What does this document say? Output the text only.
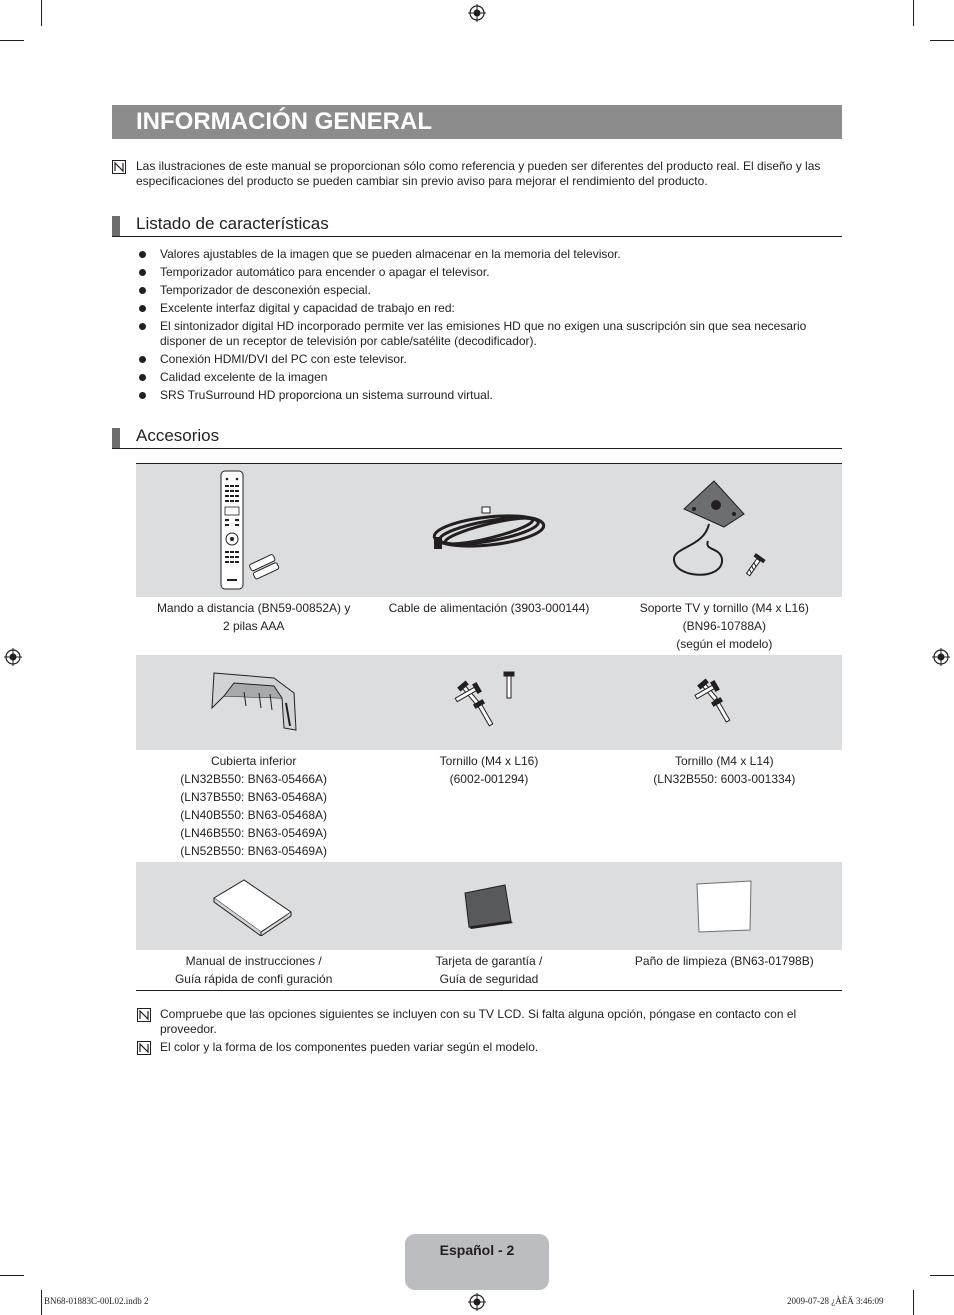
INFORMACIÓN GENERAL
Las ilustraciones de este manual se proporcionan sólo como referencia y pueden ser diferentes del producto real. El diseño y las especificaciones del producto se pueden cambiar sin previo aviso para mejorar el rendimiento del producto.
Listado de características
Valores ajustables de la imagen que se pueden almacenar en la memoria del televisor.
Temporizador automático para encender o apagar el televisor.
Temporizador de desconexión especial.
Excelente interfaz digital y capacidad de trabajo en red:
El sintonizador digital HD incorporado permite ver las emisiones HD que no exigen una suscripción sin que sea necesario disponer de un receptor de televisión por cable/satélite (decodificador).
Conexión HDMI/DVI del PC con este televisor.
Calidad excelente de la imagen
SRS TruSurround HD proporciona un sistema surround virtual.
Accesorios
Mando a distancia (BN59-00852A) y
2 pilas AAA
Cable de alimentación (3903-000144)	Soporte TV y tornillo (M4 x L16)
(BN96-10788A)
(según el modelo)
Cubierta inferior
(LN32B550: BN63-05466A)
(LN37B550: BN63-05468A)
(LN40B550: BN63-05468A)
(LN46B550: BN63-05469A)
(LN52B550: BN63-05469A)
Tornillo (M4 x L16)
(6002-001294)
Tornillo (M4 x L14)
(LN32B550: 6003-001334)
Manual de instrucciones /
Guía rápida de confi guración
Tarjeta de garantía /
Guía de seguridad
Paño de limpieza (BN63-01798B)
Compruebe que las opciones siguientes se incluyen con su TV LCD. Si falta alguna opción, póngase en contacto con el proveedor.
El color y la forma de los componentes pueden variar según el modelo.
Español - 2
BN68-01883C-00L02.indb 2	2009-07-28 ¿ÀÈÄ 3:46:09
